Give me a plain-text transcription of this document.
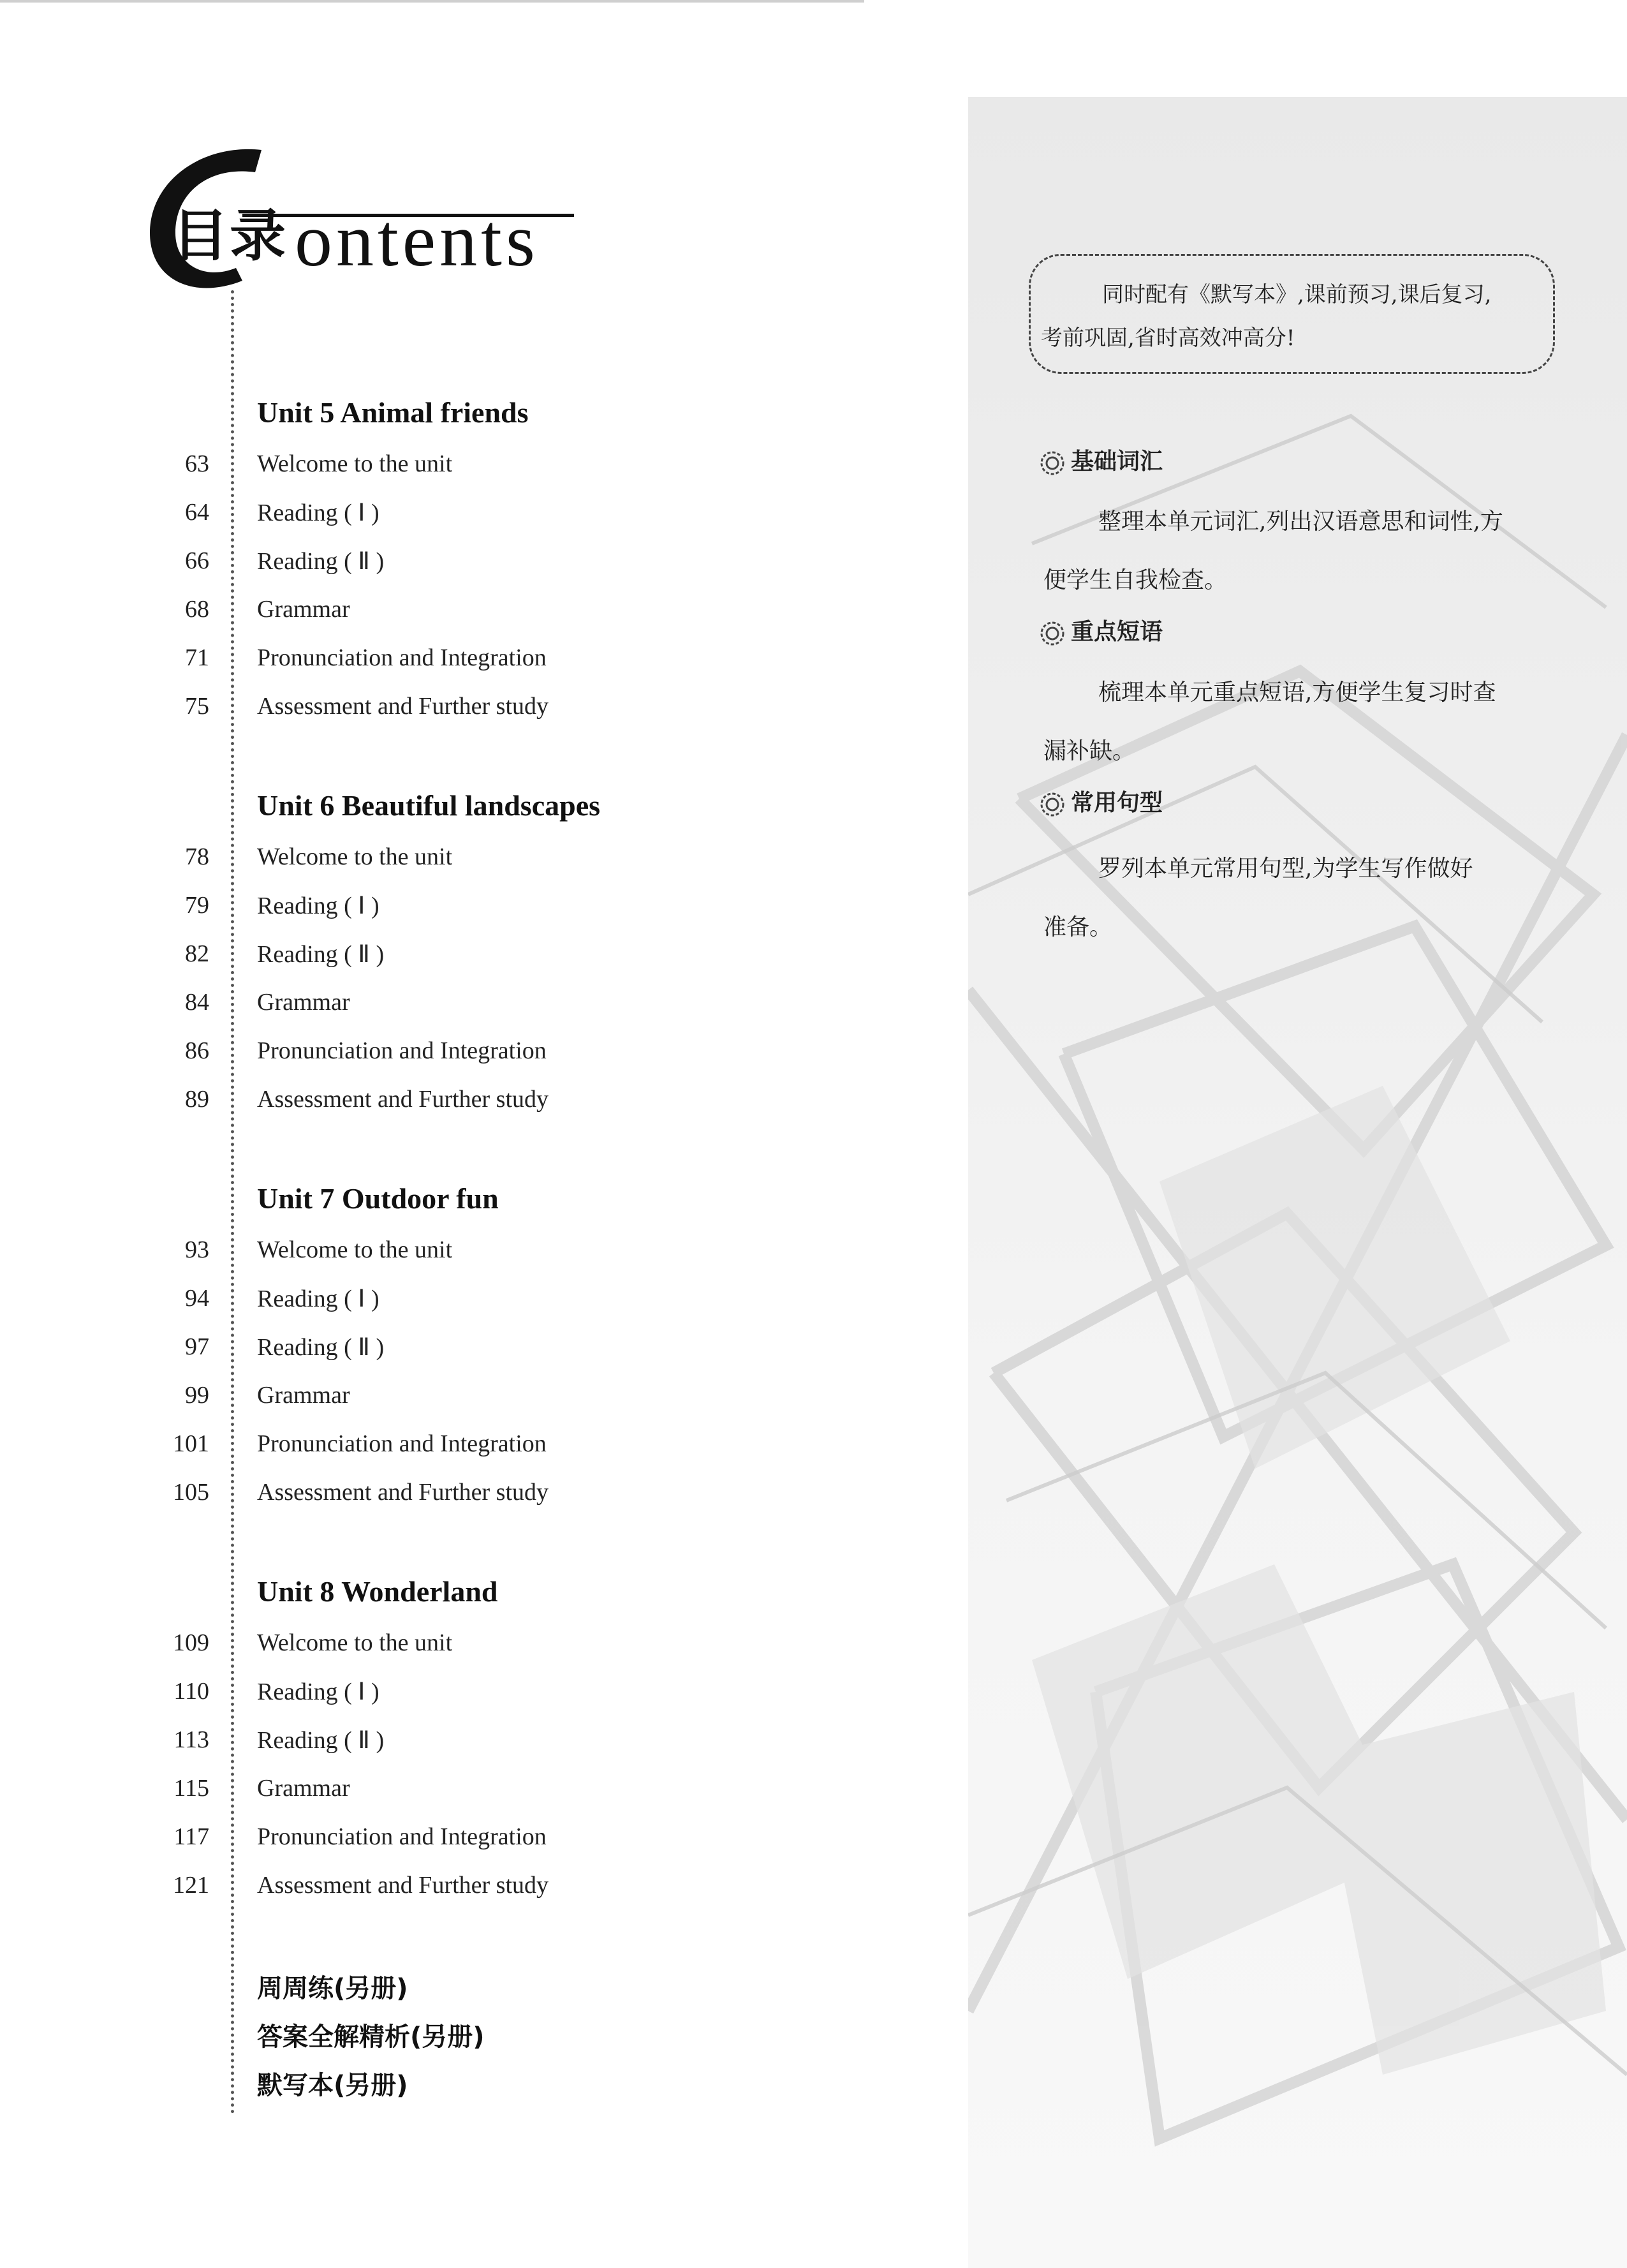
目录 ontents
Unit 5 Animal friends
63 Welcome to the unit
64 Reading ( Ⅰ )
66 Reading ( Ⅱ )
68 Grammar
71 Pronunciation and Integration
75 Assessment and Further study
Unit 6 Beautiful landscapes
78 Welcome to the unit
79 Reading ( Ⅰ )
82 Reading ( Ⅱ )
84 Grammar
86 Pronunciation and Integration
89 Assessment and Further study
Unit 7 Outdoor fun
93 Welcome to the unit
94 Reading ( Ⅰ )
97 Reading ( Ⅱ )
99 Grammar
101 Pronunciation and Integration
105 Assessment and Further study
Unit 8 Wonderland
109 Welcome to the unit
110 Reading ( Ⅰ )
113 Reading ( Ⅱ )
115 Grammar
117 Pronunciation and Integration
121 Assessment and Further study
周周练(另册)
答案全解精析(另册)
默写本(另册)
同时配有《默写本》,课前预习,课后复习,
考前巩固,省时高效冲高分!
基础词汇
整理本单元词汇,列出汉语意思和词性,方
便学生自我检查。
重点短语
梳理本单元重点短语,方便学生复习时查
漏补缺。
常用句型
罗列本单元常用句型,为学生写作做好
准备。
